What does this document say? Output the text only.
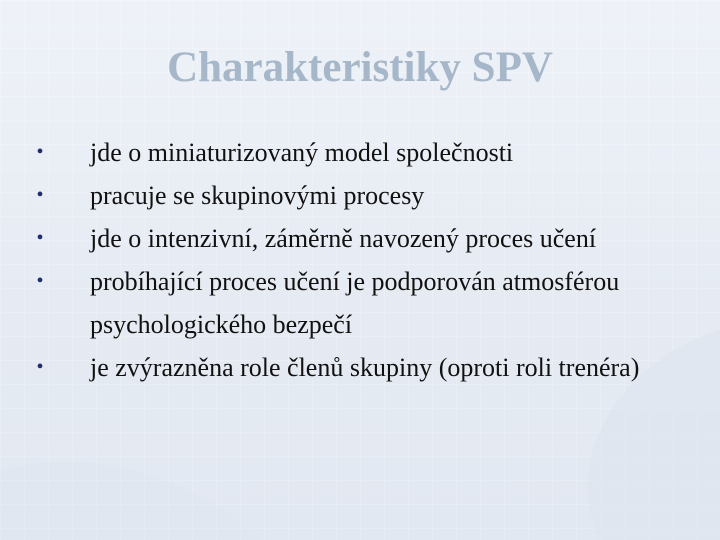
Charakteristiky SPV
• jde o miniaturizovaný model společnosti
• pracuje se skupinovými procesy
• jde o intenzivní, záměrně navozený proces učení
• probíhající proces učení je podporován atmosférou psychologického bezpečí
• je zvýrazněna role členů skupiny (oproti roli trenéra)
